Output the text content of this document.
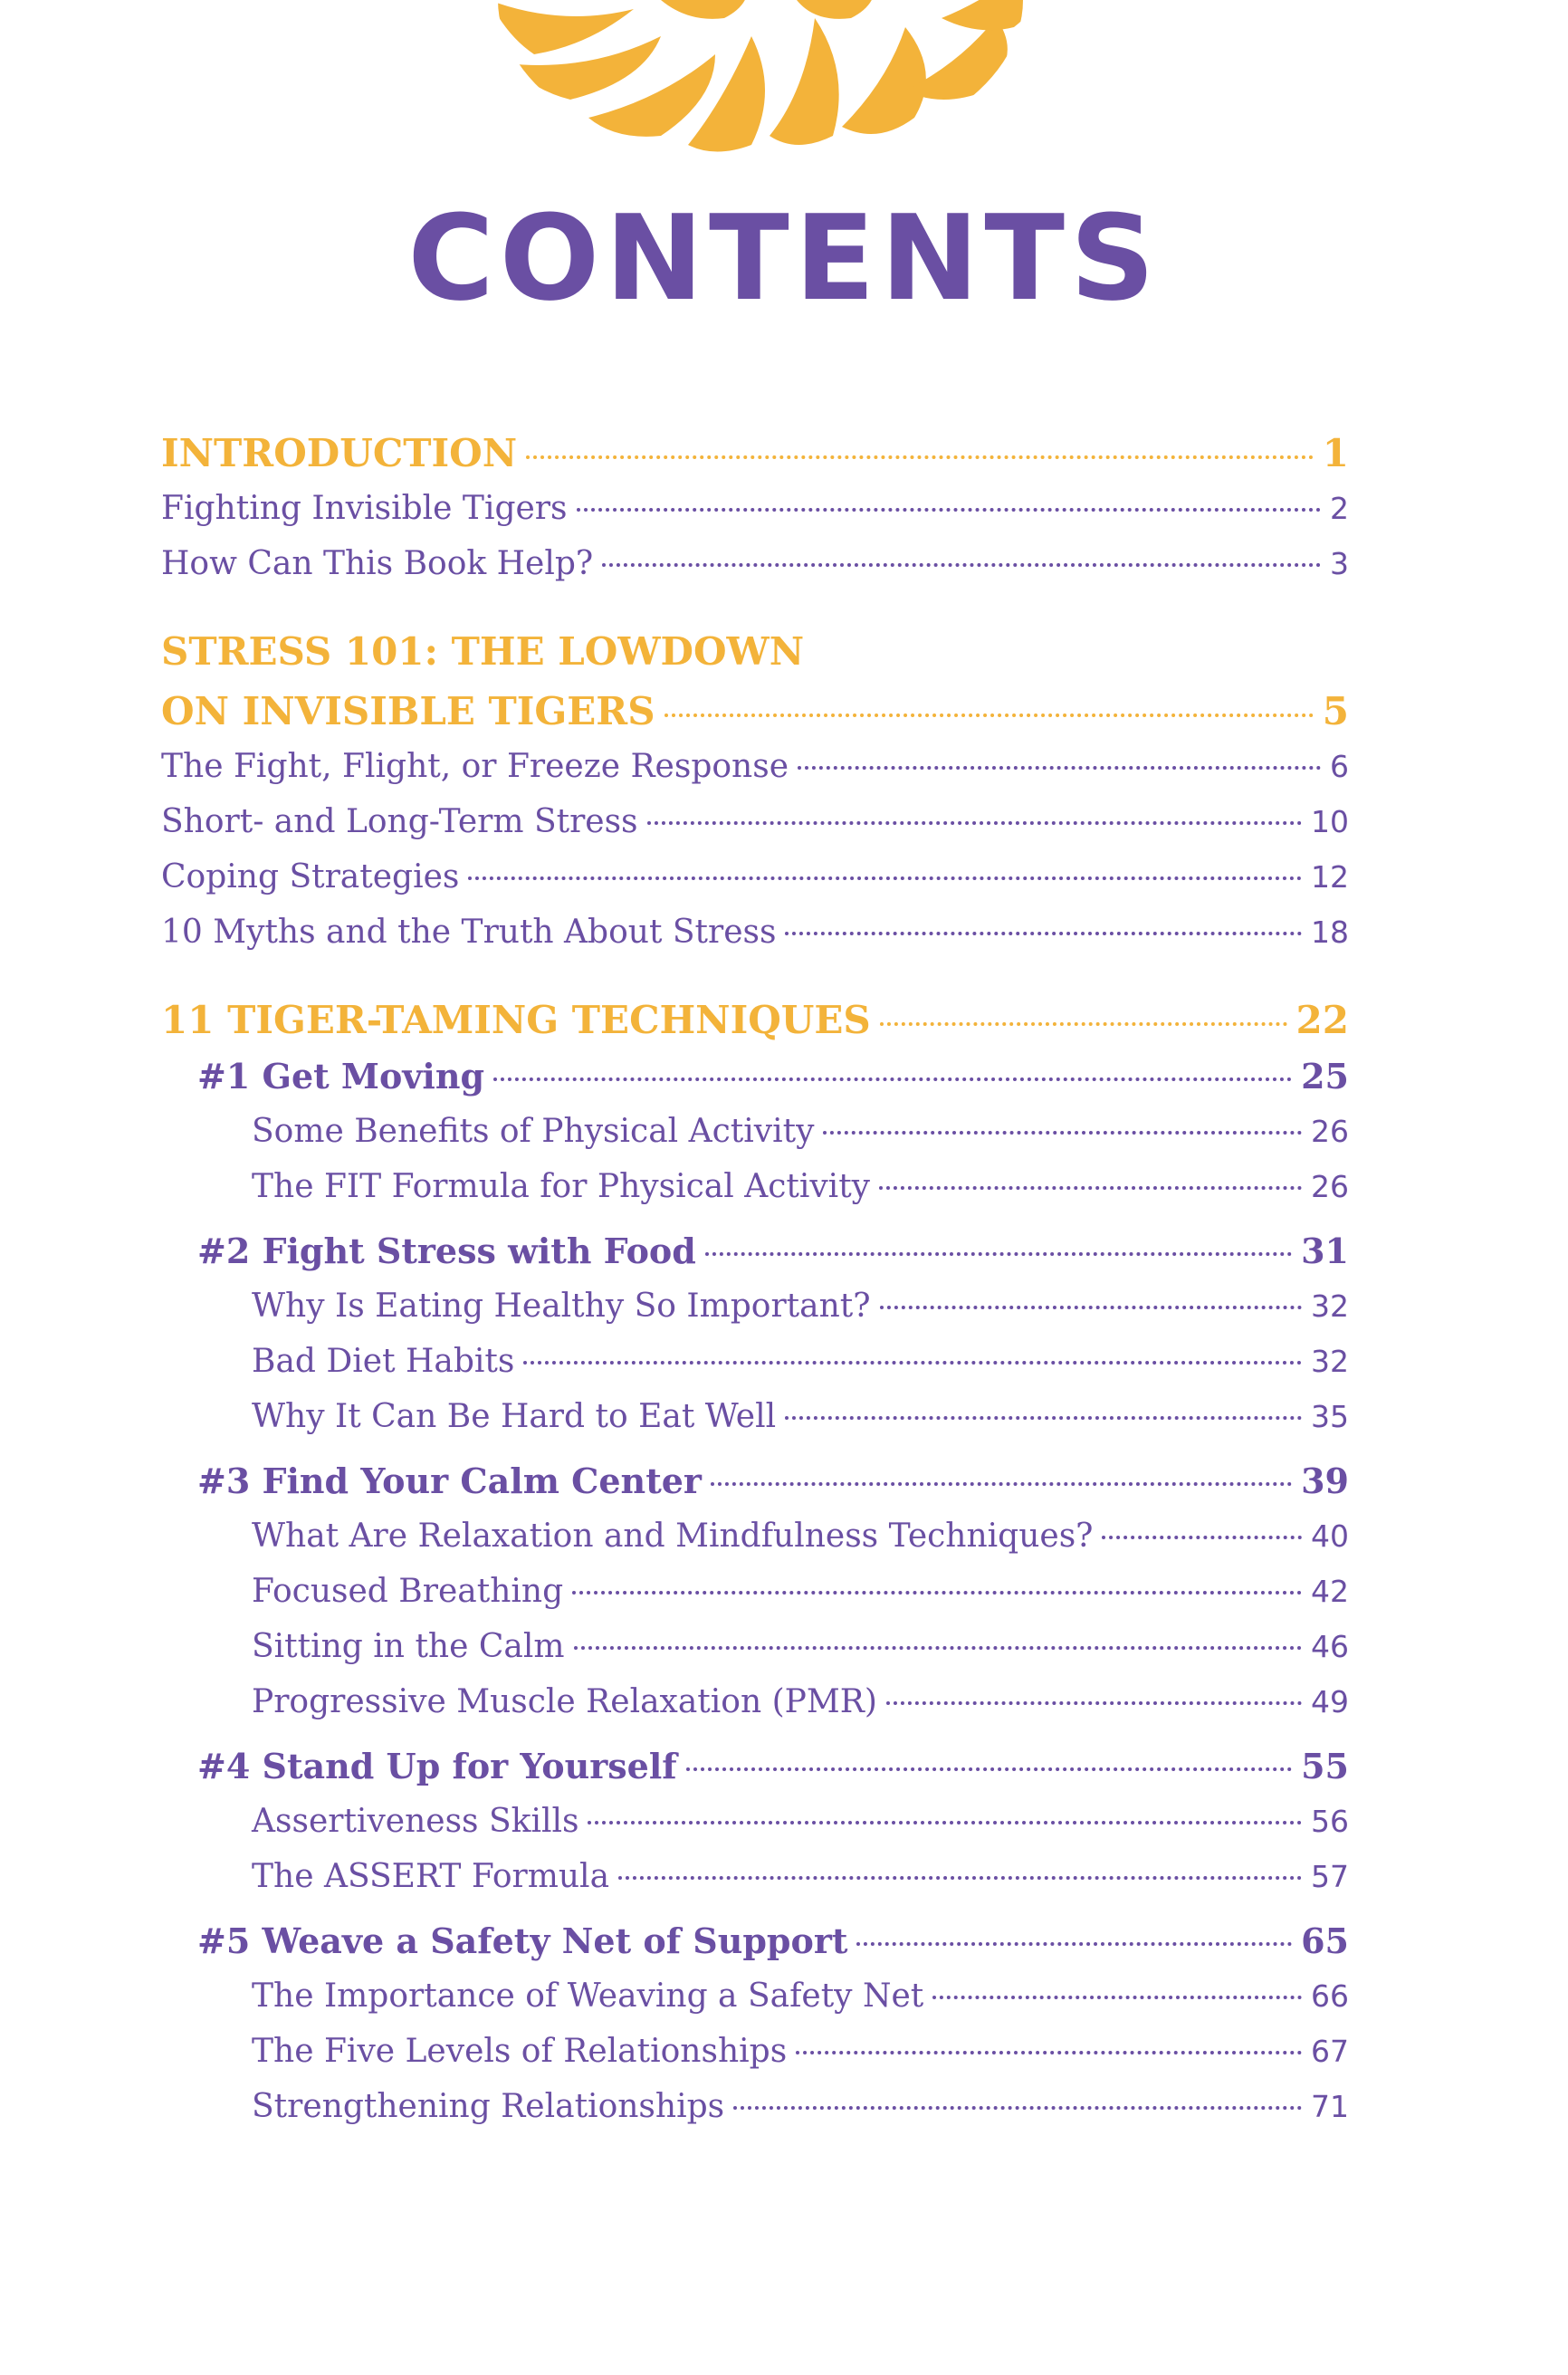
CONTENTS
INTRODUCTION	1
Fighting Invisible Tigers	2
How Can This Book Help?	3
STRESS 101: THE LOWDOWN
ON INVISIBLE TIGERS	5
The Fight, Flight, or Freeze Response	6
Short- and Long-Term Stress	10
Coping Strategies	12
10 Myths and the Truth About Stress	18
11 TIGER-TAMING TECHNIQUES	22
#1 Get Moving	25
Some Benefits of Physical Activity	26
The FIT Formula for Physical Activity	26
#2 Fight Stress with Food	31
Why Is Eating Healthy So Important?	32
Bad Diet Habits	32
Why It Can Be Hard to Eat Well	35
#3 Find Your Calm Center	39
What Are Relaxation and Mindfulness Techniques?	40
Focused Breathing	42
Sitting in the Calm	46
Progressive Muscle Relaxation (PMR)	49
#4 Stand Up for Yourself	55
Assertiveness Skills	56
The ASSERT Formula	57
#5 Weave a Safety Net of Support	65
The Importance of Weaving a Safety Net	66
The Five Levels of Relationships	67
Strengthening Relationships	71
